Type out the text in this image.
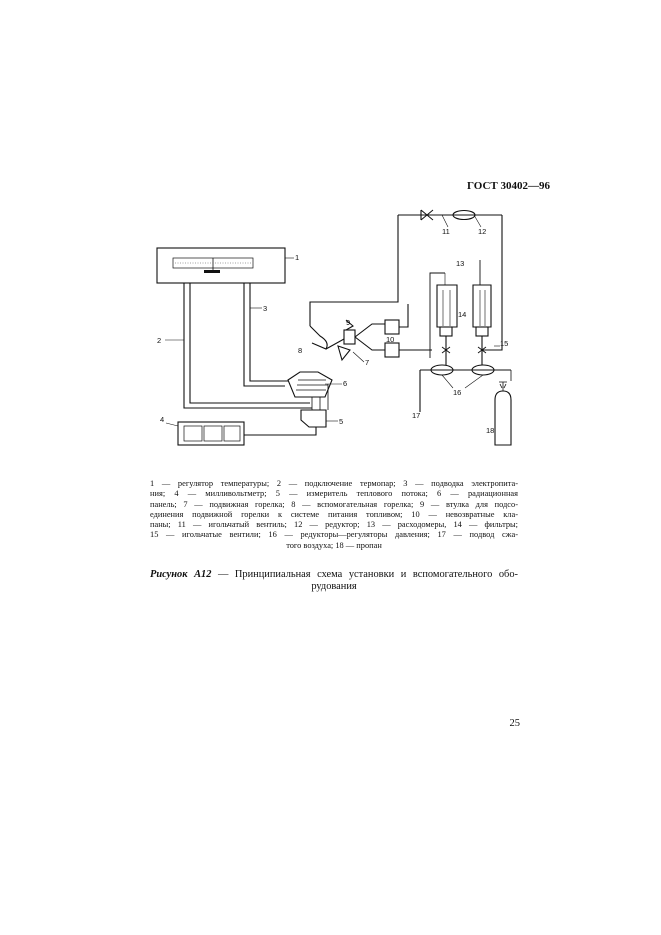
ГОСТ 30402—96
1
2
3
4	5
6
7
8
9
10
11	12
13
14
15
16
17
18
1 — регулятор температуры; 2 — подключение термопар; 3 — подводка электропита-
ния; 4 — милливольтметр; 5 — измеритель теплового потока; 6 — радиационная
панель; 7 — подвижная горелка; 8 — вспомогательная горелка; 9 — втулка для подсо-
единения подвижной горелки к системе питания топливом; 10 — невозвратные кла-
паны; 11 — игольчатый вентиль; 12 — редуктор; 13 — расходомеры, 14 — фильтры;
15 — игольчатые вентили; 16 — редукторы—регуляторы давления; 17 — подвод сжа-
того воздуха; 18 — пропан
Рисунок А12 — Принципиальная схема установки и вспомогательного обо-
рудования
25
